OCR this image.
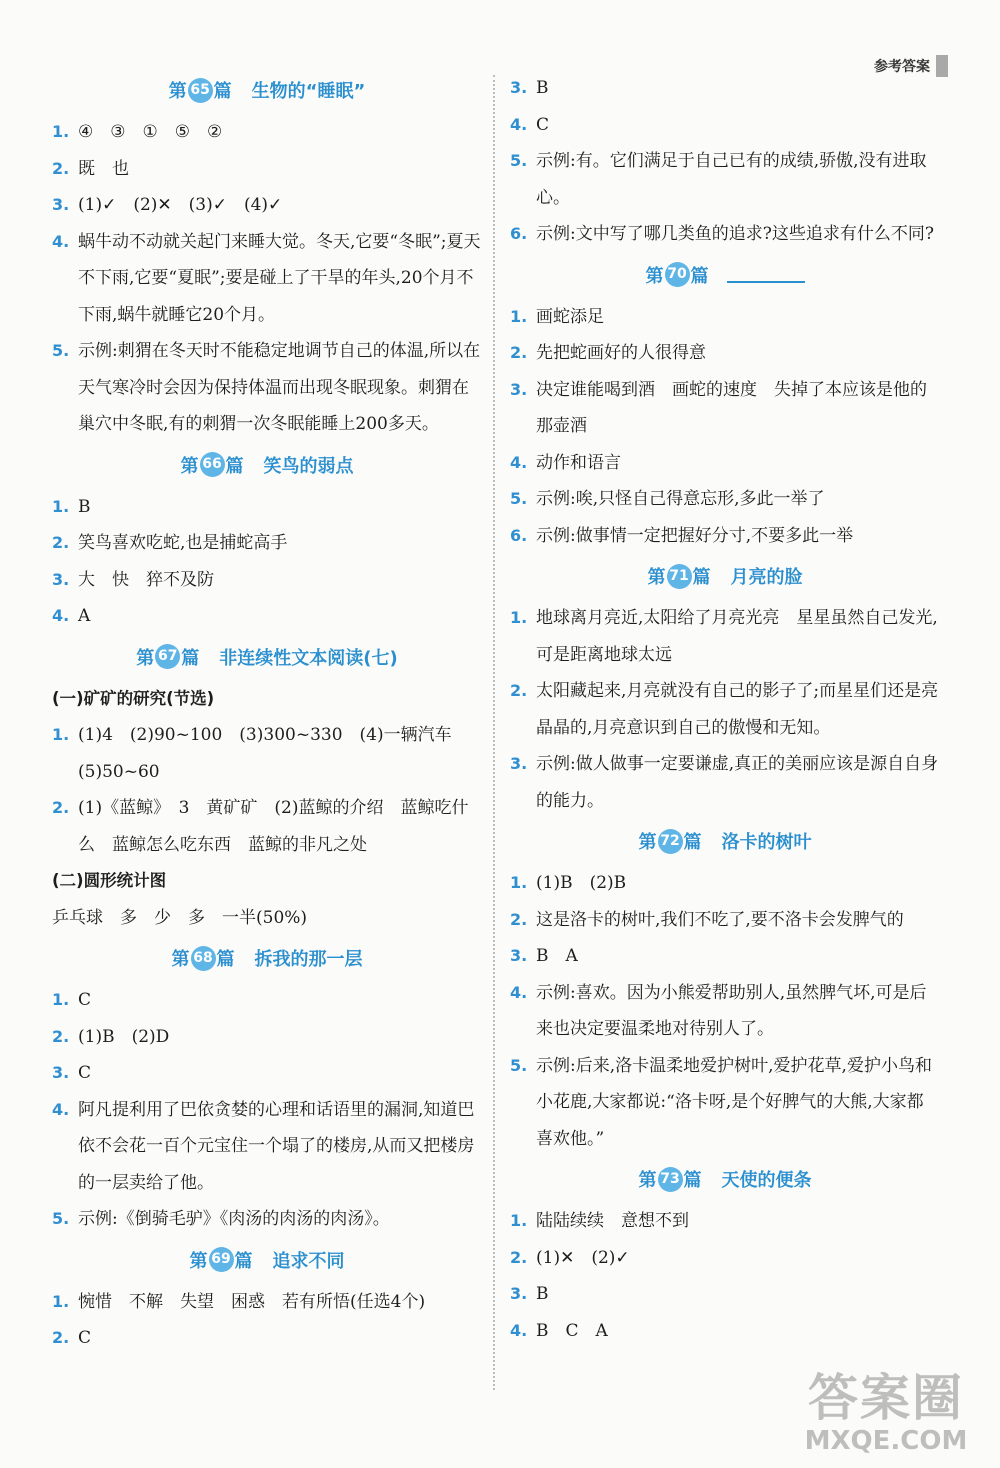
参考答案
第 65 篇 生物的“睡眠”
1. ④　③　①　⑤　②
2. 既　也
3. (1)✓　(2)✕　(3)✓　(4)✓
4. 蜗牛动不动就关起门来睡大觉。冬天,它要“冬眠”;夏天不下雨,它要“夏眠”;要是碰上了干旱的年头,20个月不下雨,蜗牛就睡它20个月。
5. 示例:刺猬在冬天时不能稳定地调节自己的体温,所以在天气寒冷时会因为保持体温而出现冬眠现象。刺猬在巢穴中冬眠,有的刺猬一次冬眠能睡上200多天。
第 66 篇 笑鸟的弱点
1. B
2. 笑鸟喜欢吃蛇,也是捕蛇高手
3. 大　快　猝不及防
4. A
第 67 篇 非连续性文本阅读(七)
(一)矿矿的研究(节选)
1. (1)4　(2)90~100　(3)300~330　(4)一辆汽车　(5)50~60
2. (1)《蓝鲸》　3　黄矿矿　(2)蓝鲸的介绍　蓝鲸吃什么　蓝鲸怎么吃东西　蓝鲸的非凡之处
(二)圆形统计图
乒乓球　多　少　多　一半(50%)
第 68 篇 拆我的那一层
1. C
2. (1)B　(2)D
3. C
4. 阿凡提利用了巴依贪婪的心理和话语里的漏洞,知道巴依不会花一百个元宝住一个塌了的楼房,从而又把楼房的一层卖给了他。
5. 示例:《倒骑毛驴》《肉汤的肉汤的肉汤》。
第 69 篇 追求不同
1. 惋惜　不解　失望　困惑　若有所悟(任选4个)
2. C
3. B
4. C
5. 示例:有。它们满足于自己已有的成绩,骄傲,没有进取心。
6. 示例:文中写了哪几类鱼的追求?这些追求有什么不同?
第 70 篇
1. 画蛇添足
2. 先把蛇画好的人很得意
3. 决定谁能喝到酒　画蛇的速度　失掉了本应该是他的那壶酒
4. 动作和语言
5. 示例:唉,只怪自己得意忘形,多此一举了
6. 示例:做事情一定把握好分寸,不要多此一举
第 71 篇 月亮的脸
1. 地球离月亮近,太阳给了月亮光亮　星星虽然自己发光,可是距离地球太远
2. 太阳藏起来,月亮就没有自己的影子了;而星星们还是亮晶晶的,月亮意识到自己的傲慢和无知。
3. 示例:做人做事一定要谦虚,真正的美丽应该是源自自身的能力。
第 72 篇 洛卡的树叶
1. (1)B　(2)B
2. 这是洛卡的树叶,我们不吃了,要不洛卡会发脾气的
3. B　A
4. 示例:喜欢。因为小熊爱帮助别人,虽然脾气坏,可是后来也决定要温柔地对待别人了。
5. 示例:后来,洛卡温柔地爱护树叶,爱护花草,爱护小鸟和小花鹿,大家都说:“洛卡呀,是个好脾气的大熊,大家都喜欢他。”
第 73 篇 天使的便条
1. 陆陆续续　意想不到
2. (1)✕　(2)✓
3. B
4. B　C　A
答案圈
MXQE.COM
